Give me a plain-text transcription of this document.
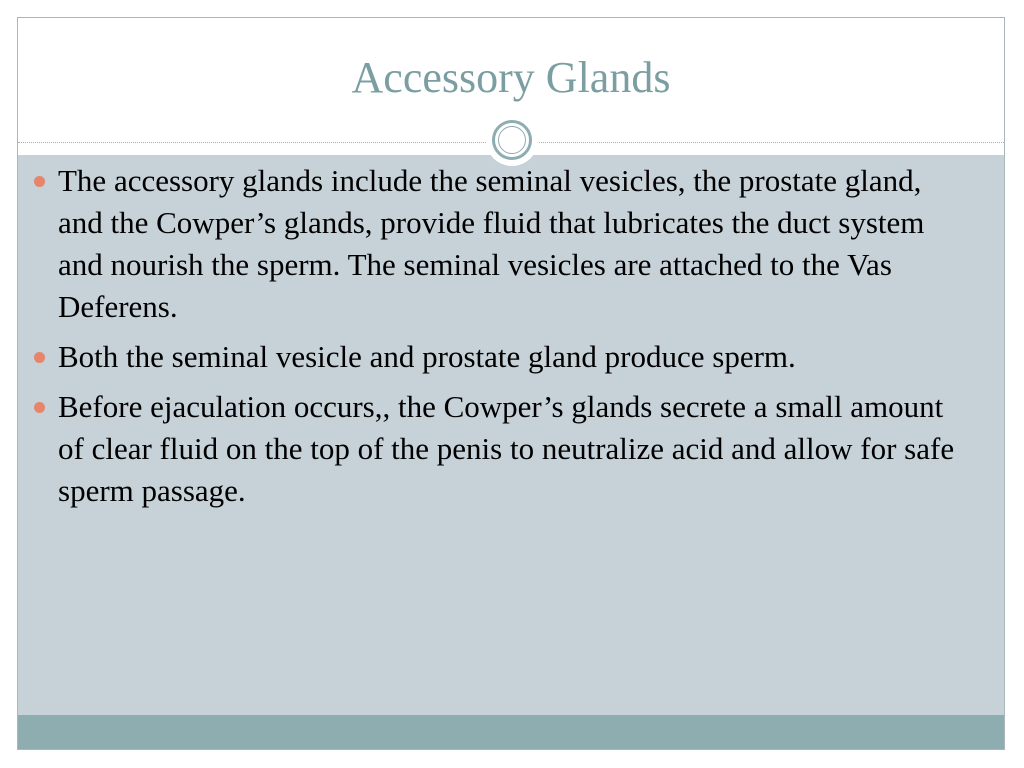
Accessory Glands
The accessory glands include the seminal vesicles, the prostate gland, and the Cowper’s glands, provide fluid that lubricates the duct system and nourish the sperm. The seminal vesicles are attached to the Vas Deferens.
Both the seminal vesicle and prostate gland produce sperm.
Before ejaculation occurs,, the Cowper’s glands secrete a small amount of clear fluid on the top of the penis to neutralize acid and allow for safe sperm passage.
